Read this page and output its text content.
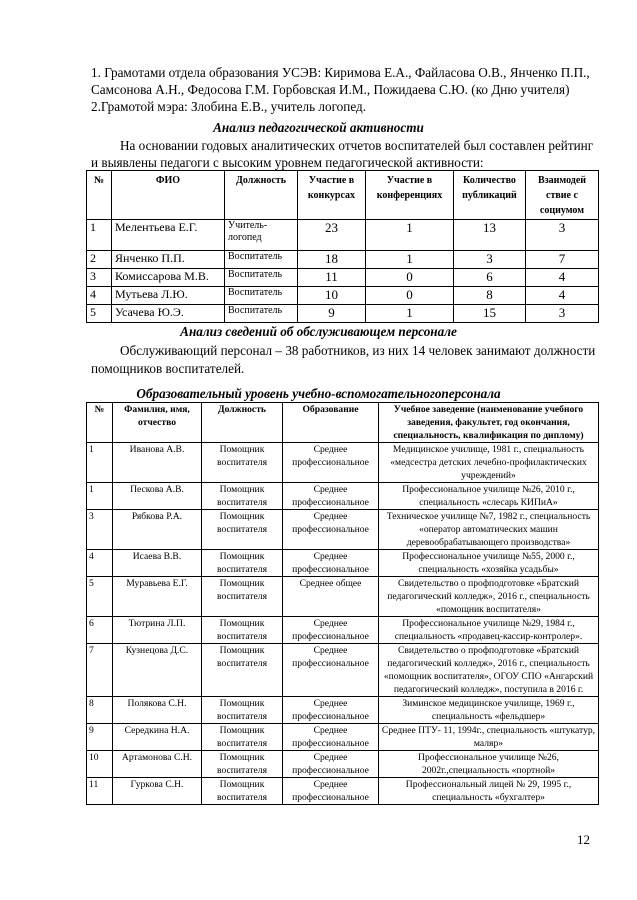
1. Грамотами отдела образования УСЭВ: Киримова Е.А., Файласова О.В., Янченко П.П.,
Самсонова А.Н., Федосова Г.М. Горбовская И.М., Пожидаева С.Ю. (ко Дню учителя)
2.Грамотой мэра: Злобина Е.В., учитель логопед.
Анализ педагогической активности
На основании годовых аналитических отчетов воспитателей был составлен рейтинг
и выявлены педагоги с высоким уровнем педагогической активности:
№	ФИО	Должность	Участие в конкурсах	Участие в конференциях	Количество публикаций	Взаимодей ствие с социумом
1	Мелентьева Е.Г.	Учитель-логопед	23	1	13	3
2	Янченко П.П.	Воспитатель	18	1	3	7
3	Комиссарова М.В.	Воспитатель	11	0	6	4
4	Мутьева Л.Ю.	Воспитатель	10	0	8	4
5	Усачева Ю.Э.	Воспитатель	9	1	15	3
Анализ сведений об обслуживающем персонале
Обслуживающий персонал – 38 работников, из них 14 человек занимают должности
помощников воспитателей.
Образовательный уровень учебно-вспомогательногоперсонала
№	Фамилия, имя, отчество	Должность	Образование	Учебное заведение (наименование учебного заведения, факультет, год окончания, специальность, квалификация по диплому)
1	Иванова А.В.	Помощник воспитателя	Среднее профессиональное	Медицинское училище, 1981 г., специальность «медсестра детских лечебно-профилактических учреждений»
1	Пескова А.В.	Помощник воспитателя	Среднее профессиональное	Профессиональное училище №26, 2010 г., специальность «слесарь КИПиА»
3	Рябкова Р.А.	Помощник воспитателя	Среднее профессиональное	Техническое училище №7, 1982 г., специальность «оператор автоматических машин деревообрабатывающего производства»
4	Исаева В.В.	Помощник воспитателя	Среднее профессиональное	Профессиональное училище №55, 2000 г., специальность «хозяйка усадьбы»
5	Муравьева Е.Г.	Помощник воспитателя	Среднее общее	Свидетельство о профподготовке «Братский педагогический колледж», 2016 г., специальность «помощник воспитателя»
6	Тютрина Л.П.	Помощник воспитателя	Среднее профессиональное	Профессиональное училище №29, 1984 г., специальность «продавец-кассир-контролер».
7	Кузнецова Д.С.	Помощник воспитателя	Среднее профессиональное	Свидетельство о профподготовке «Братский педагогический колледж», 2016 г., специальность «помощник воспитателя», ОГОУ СПО «Ангарский педагогический колледж», поступила в 2016 г.
8	Полякова С.Н.	Помощник воспитателя	Среднее профессиональное	Зиминское медицинское училище, 1969 г., специальность «фельдшер»
9	Середкина Н.А.	Помощник воспитателя	Среднее профессиональное	Среднее ПТУ- 11, 1994г., специальность «штукатур, маляр»
10	Артамонова С.Н.	Помощник воспитателя	Среднее профессиональное	Профессиональное училище №26, 2002г.,специальность «портной»
11	Гуркова С.Н.	Помощник воспитателя	Среднее профессиональное	Профессиональный лицей № 29, 1995 г., специальность «бухгалтер»
12
